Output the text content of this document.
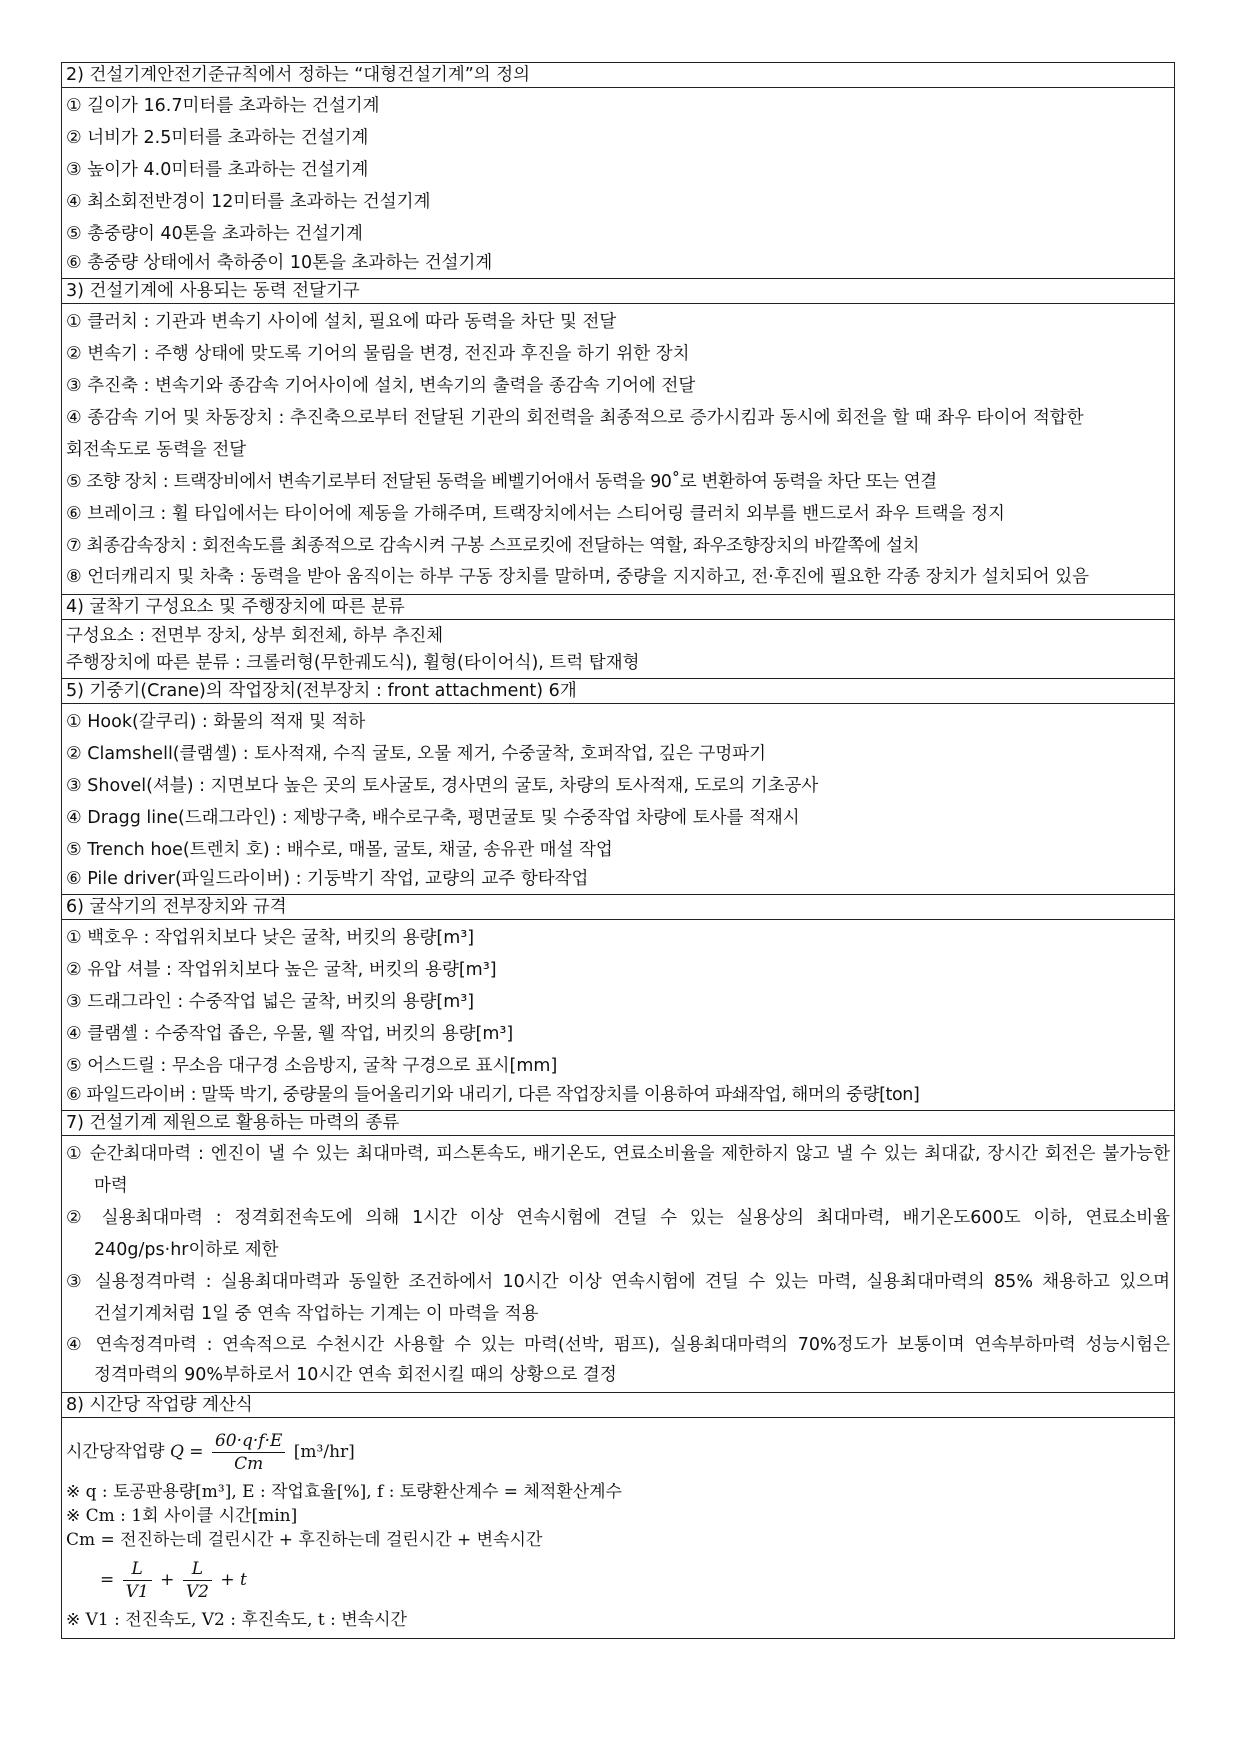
2) 건설기계안전기준규칙에서 정하는 “대형건설기계”의 정의
① 길이가 16.7미터를 초과하는 건설기계
② 너비가 2.5미터를 초과하는 건설기계
③ 높이가 4.0미터를 초과하는 건설기계
④ 최소회전반경이 12미터를 초과하는 건설기계
⑤ 총중량이 40톤을 초과하는 건설기계
⑥ 총중량 상태에서 축하중이 10톤을 초과하는 건설기계
3) 건설기계에 사용되는 동력 전달기구
① 클러치 : 기관과 변속기 사이에 설치, 필요에 따라 동력을 차단 및 전달
② 변속기 : 주행 상태에 맞도록 기어의 물림을 변경, 전진과 후진을 하기 위한 장치
③ 추진축 : 변속기와 종감속 기어사이에 설치, 변속기의 출력을 종감속 기어에 전달
④ 종감속 기어 및 차동장치 : 추진축으로부터 전달된 기관의 회전력을 최종적으로 증가시킴과 동시에 회전을 할 때 좌우 타이어 적합한 회전속도로 동력을 전달
⑤ 조향 장치 : 트랙장비에서 변속기로부터 전달된 동력을 베벨기어애서 동력을 90˚로 변환하여 동력을 차단 또는 연결
⑥ 브레이크 : 휠 타입에서는 타이어에 제동을 가해주며, 트랙장치에서는 스티어링 클러치 외부를 밴드로서 좌우 트랙을 정지
⑦ 최종감속장치 : 회전속도를 최종적으로 감속시켜 구봉 스프로킷에 전달하는 역할, 좌우조향장치의 바깥쪽에 설치
⑧ 언더캐리지 및 차축 : 동력을 받아 움직이는 하부 구동 장치를 말하며, 중량을 지지하고, 전·후진에 필요한 각종 장치가 설치되어 있음
4) 굴착기 구성요소 및 주행장치에 따른 분류
구성요소 : 전면부 장치, 상부 회전체, 하부 추진체
주행장치에 따른 분류 : 크롤러형(무한궤도식), 휠형(타이어식), 트럭 탑재형
5) 기중기(Crane)의 작업장치(전부장치 : front attachment) 6개
① Hook(갈쿠리) : 화물의 적재 및 적하
② Clamshell(클램셸) : 토사적재, 수직 굴토, 오물 제거, 수중굴착, 호퍼작업, 깊은 구멍파기
③ Shovel(셔블) : 지면보다 높은 곳의 토사굴토, 경사면의 굴토, 차량의 토사적재, 도로의 기초공사
④ Dragg line(드래그라인) : 제방구축, 배수로구축, 평면굴토 및 수중작업 차량에 토사를 적재시
⑤ Trench hoe(트렌치 호) : 배수로, 매몰, 굴토, 채굴, 송유관 매설 작업
⑥ Pile driver(파일드라이버) : 기둥박기 작업, 교량의 교주 항타작업
6) 굴삭기의 전부장치와 규격
① 백호우 : 작업위치보다 낮은 굴착, 버킷의 용량[m³]
② 유압 셔블 : 작업위치보다 높은 굴착, 버킷의 용량[m³]
③ 드래그라인 : 수중작업 넓은 굴착, 버킷의 용량[m³]
④ 클램셸 : 수중작업 좁은, 우물, 웰 작업, 버킷의 용량[m³]
⑤ 어스드릴 : 무소음 대구경 소음방지, 굴착 구경으로 표시[mm]
⑥ 파일드라이버 : 말뚝 박기, 중량물의 들어올리기와 내리기, 다른 작업장치를 이용하여 파쇄작업, 해머의 중량[ton]
7) 건설기계 제원으로 활용하는 마력의 종류
① 순간최대마력 : 엔진이 낼 수 있는 최대마력, 피스톤속도, 배기온도, 연료소비율을 제한하지 않고 낼 수 있는 최대값, 장시간 회전은 불가능한 마력
② 실용최대마력 : 정격회전속도에 의해 1시간 이상 연속시험에 견딜 수 있는 실용상의 최대마력, 배기온도600도 이하, 연료소비율 240g/ps·hr이하로 제한
③ 실용정격마력 : 실용최대마력과 동일한 조건하에서 10시간 이상 연속시험에 견딜 수 있는 마력, 실용최대마력의 85% 채용하고 있으며 건설기계처럼 1일 중 연속 작업하는 기계는 이 마력을 적용
④ 연속정격마력 : 연속적으로 수천시간 사용할 수 있는 마력(선박, 펌프), 실용최대마력의 70%정도가 보통이며 연속부하마력 성능시험은 정격마력의 90%부하로서 10시간 연속 회전시킬 때의 상황으로 결정
8) 시간당 작업량 계산식
시간당작업량 $Q = \frac{60\cdot q\cdot f\cdot E}{Cm} [m^3/hr]$
※ q : 토공판용량[m³], E : 작업효율[%], f : 토량환산계수 = 체적환산계수
※ Cm : 1회 사이클 시간[min]
Cm = 전진하는데 걸린시간 + 후진하는데 걸린시간 + 변속시간
= $\frac{L}{V1} + \frac{L}{V2} + t$
※ V1 : 전진속도, V2 : 후진속도, t : 변속시간
